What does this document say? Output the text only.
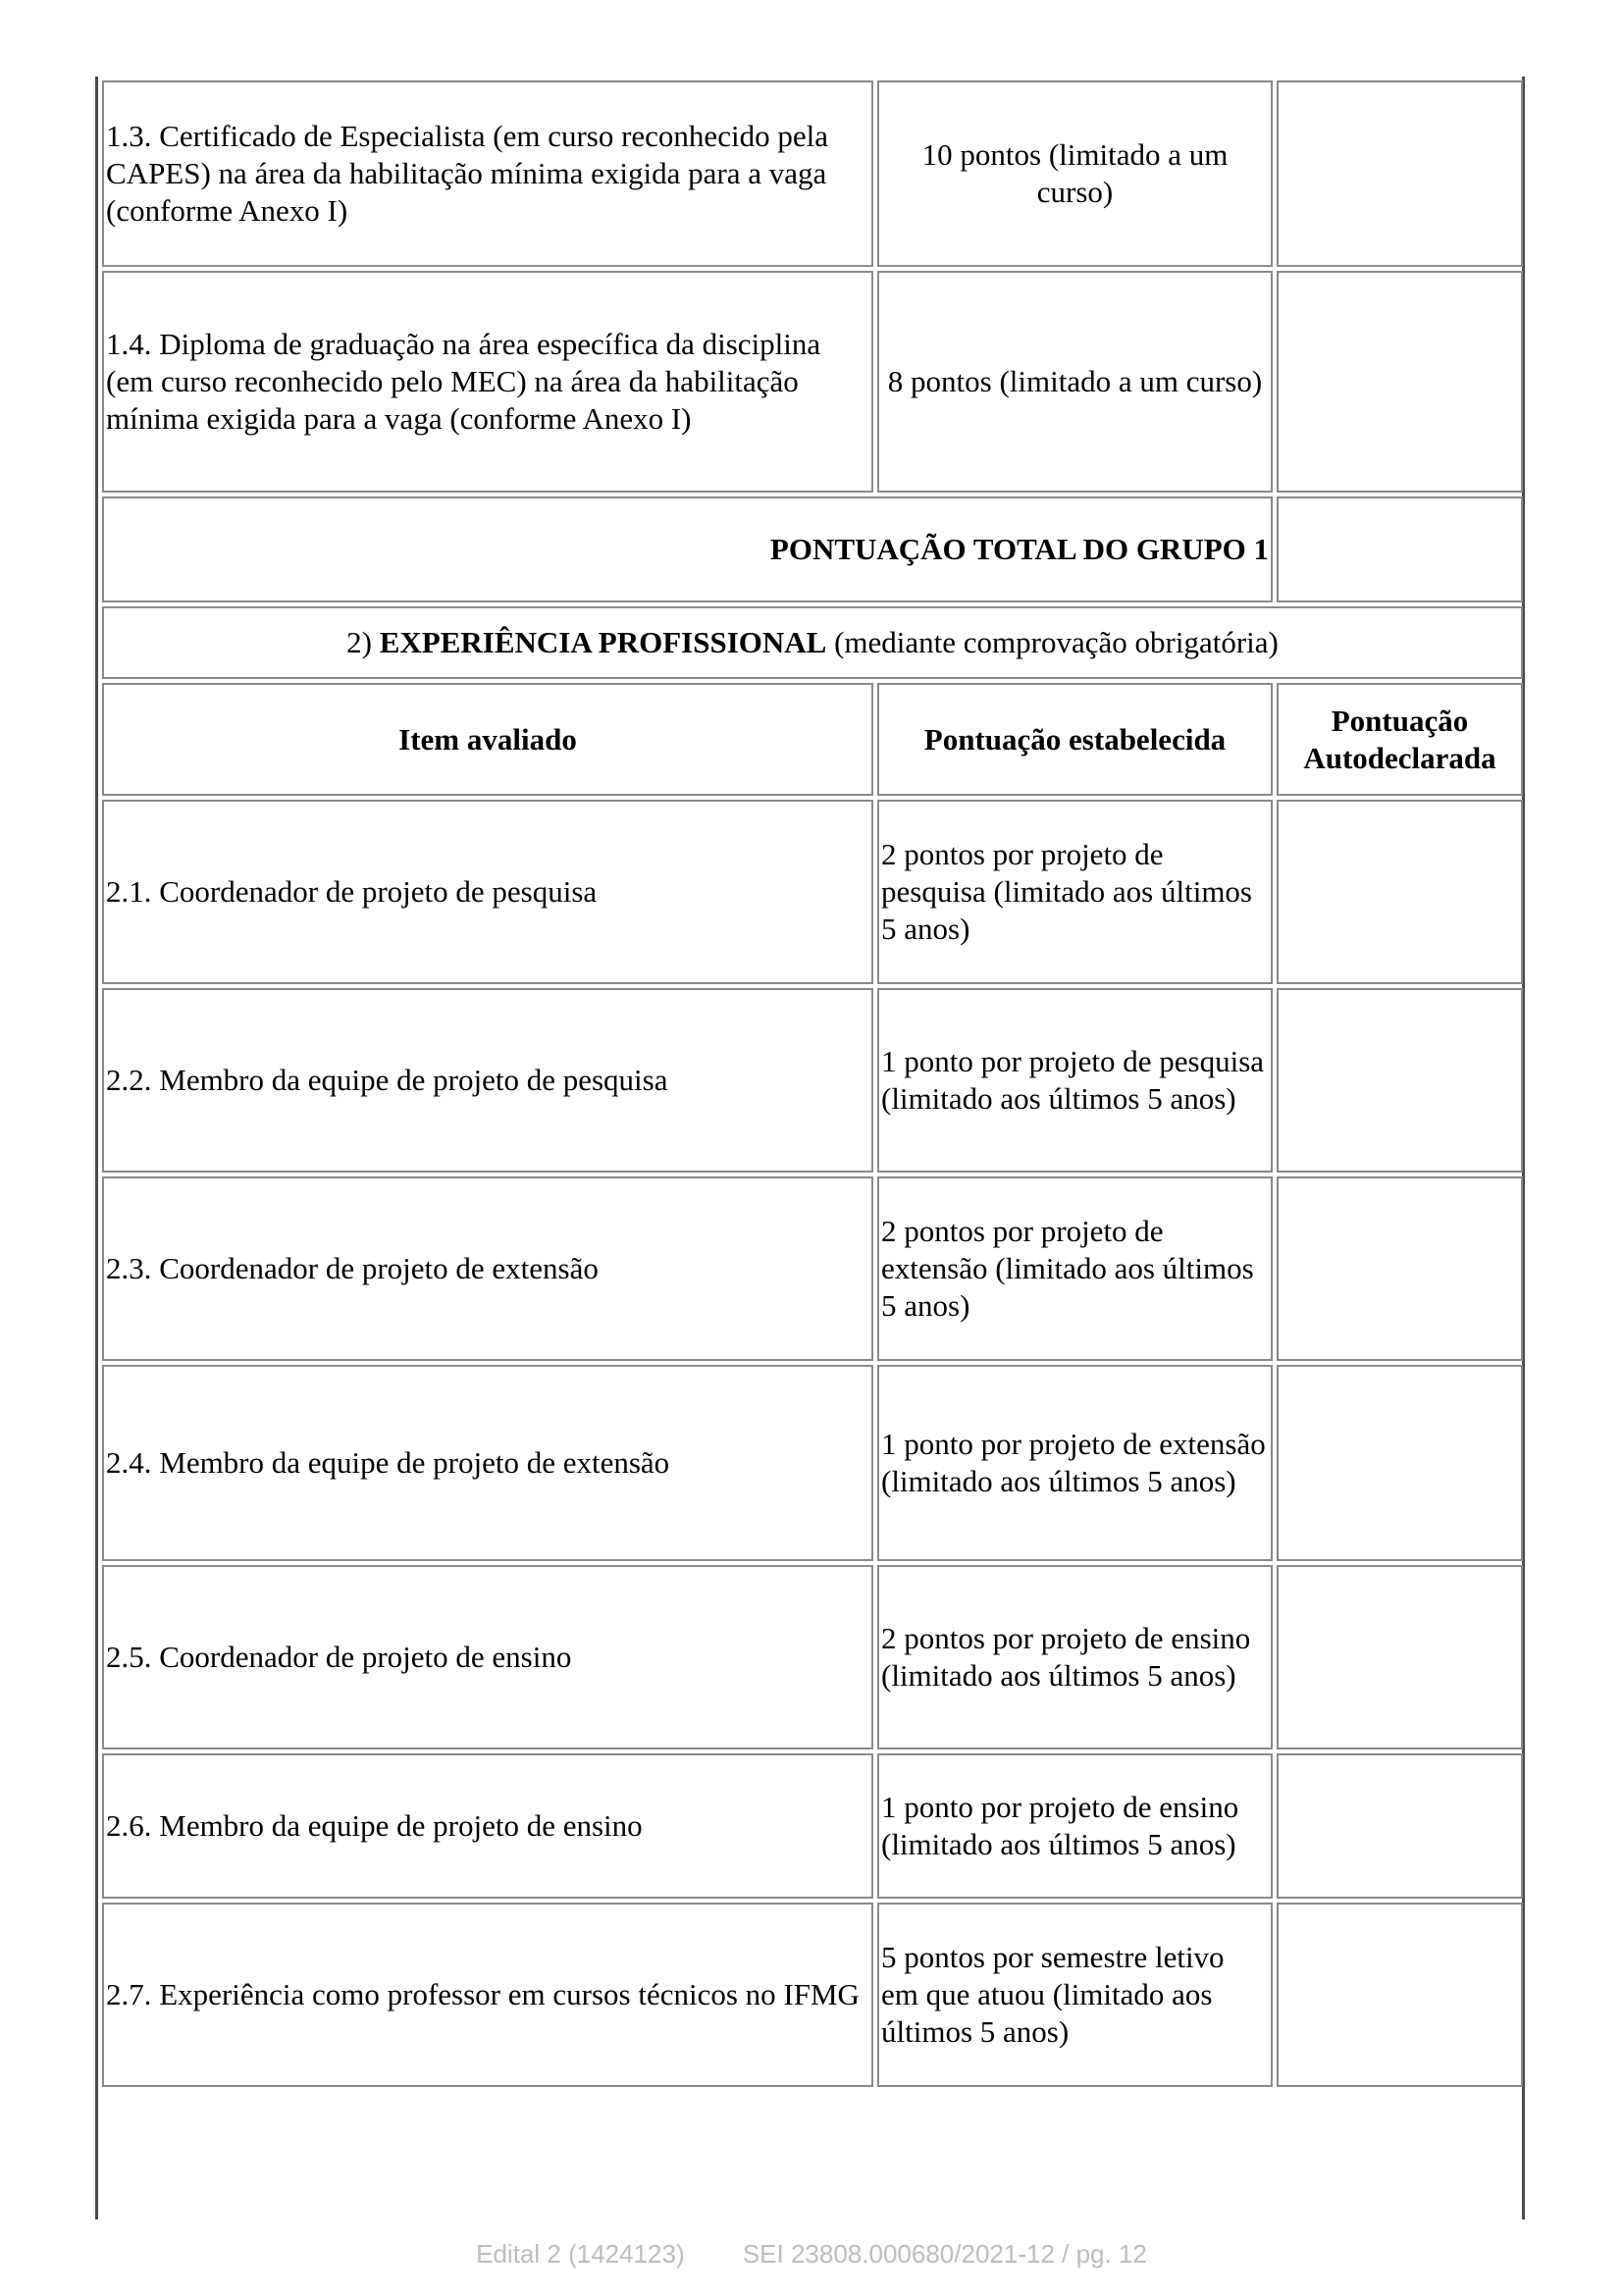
1.3. Certificado de Especialista (em curso reconhecido pela CAPES) na área da habilitação mínima exigida para a vaga (conforme Anexo I)	10 pontos (limitado a um curso)	
1.4. Diploma de graduação na área específica da disciplina (em curso reconhecido pelo MEC) na área da habilitação mínima exigida para a vaga (conforme Anexo I)	8 pontos (limitado a um curso)	
PONTUAÇÃO TOTAL DO GRUPO 1		
2) EXPERIÊNCIA PROFISSIONAL (mediante comprovação obrigatória)		
Item avaliado	Pontuação estabelecida	Pontuação Autodeclarada
2.1. Coordenador de projeto de pesquisa	2 pontos por projeto de pesquisa (limitado aos últimos 5 anos)	
2.2. Membro da equipe de projeto de pesquisa	1 ponto por projeto de pesquisa (limitado aos últimos 5 anos)	
2.3. Coordenador de projeto de extensão	2 pontos por projeto de extensão (limitado aos últimos 5 anos)	
2.4. Membro da equipe de projeto de extensão	1 ponto por projeto de extensão (limitado aos últimos 5 anos)	
2.5. Coordenador de projeto de ensino	2 pontos por projeto de ensino (limitado aos últimos 5 anos)	
2.6. Membro da equipe de projeto de ensino	1 ponto por projeto de ensino (limitado aos últimos 5 anos)	
2.7. Experiência como professor em cursos técnicos no IFMG	5 pontos por semestre letivo em que atuou (limitado aos últimos 5 anos)	
Edital 2 (1424123) SEI 23808.000680/2021-12 / pg. 12
